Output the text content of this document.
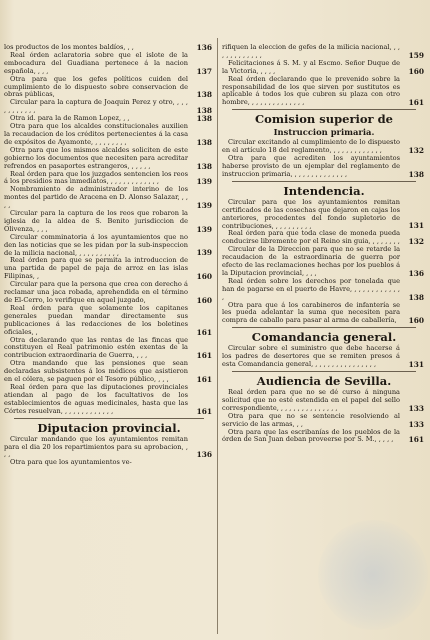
los productos de los montes baldíos, , ,	136

Real órden aclaratoria sobre que el islote de la embocadura del Guadiana pertenece á la nacion española, , , ,	137

Otra para que los gefes políticos cuiden del cumplimiento de lo dispuesto sobre conservacion de obras públicas,	138

Circular para la captura de Joaquin Perez y otro, , , , , , , , , , , ,	138

Otra id. para la de Ramon Lopez, , ,	138

Otra para que los alcaldes constitucionales auxilien la recaudacion de los créditos pertenecientes á la casa de expósitos de Ayamonte, , , , , , , , ,	138

Otra para que los mismos alcaldes soliciten de este gobierno los documentos que necesiten para acreditar refrendos en pasaportes estrangeros, , , , , ,	138

Real órden para que los juzgados sentencien los reos á los presidios mas inmediatos, , , , , , , , , , , , ,	139

Nombramiento de administrador interino de los montes del partido de Aracena en D. Alonso Salazar, , , , ,	139

Circular para la captura de los reos que robaron la iglesia de la aldea de S. Benito jurisdiccion de Olivenza, , , ,	139

Circular comminatoria á los ayuntamientos que no den las noticias que se les pidan por la sub-inspeccion de la milicia nacional, , , , , , , , , , ,	139

Real órden para que se permita la introduccion de una partida de papel de paja de arroz en las islas Filipinas, ,	160

Circular para que la persona que crea con derecho á reclamar una jaca robada, aprehendida en el término de El-Cerro, lo verifique en aquel juzgado,	160

Real órden para que solamente los capitanes generales puedan mandar directamente sus publicaciones á las redacciones de los boletines oficiales, ,	161

Otra declarando que las rentas de las fincas que constituyen el Real patrimonio estén exentas de la contribucion extraordinaria de Guerra, , , ,	161

Otra mandando que las pensiones que sean declaradas subsistentes á los médicos que asistieron en el cólera, se paguen por el Tesoro público, , , ,	161

Real órden para que las diputaciones provinciales atiendan al pago de los facultativos de los establecimientos de aguas medicinales, hasta que las Córtes resuelvan, , , , , , , , , , , , ,	161

Diputacion provincial.

Circular mandando que los ayuntamientos remitan para el dia 20 los repartimientos para su aprobacion, , , ,	136

Otra para que los ayuntamientos ve-

rifiquen la eleccion de gefes de la milicia nacional, , , , , , , , , , , , ,	159

Felicitaciones á S. M. y al Escmo. Señor Duque de la Victoria, , , , ,	160

Real órden declarando que le prevenido sobre la responsabilidad de los que sirven por sustitutos es aplicable á todos los que cubren su plaza con otro hombre, , , , , , , , , , , , , ,	161

Comision superior de
Instruccion primaria.

Circular excitando al cumplimiento de lo dispuesto en el artículo 18 del reglamento, , , , , , , , , , , , ,	132

Otra para que acrediten los ayuntamientos haberse provisto de un ejemplar del reglamento de instruccion primaria, , , , , , , , , , , , , ,	138

Intendencia.

Circular para que los ayuntamientos remitan certificados de las cosechas que dejaron en cajas los anteriores, procedentes del fondo supletorio de contribuciones, , , , , , , , , ,	131

Real órden para que toda clase de moneda pueda conducirse libremente por el Reino sin guia, , , , , , , , 132

Circular de la Direccion para que no se retarde la recaudacion de la estraordinaria de guerra por efecto de las reclamaciones hechas por los pueblos á la Diputacion provincial, , , ,	136

Real órden sobre los derechos por tonelada que han de pagarse en el puerto de Havre, , , , , , , , , , , , ,	138

Otra para que á los carabineros de infantería se les pueda adelantar la suma que necesiten para compra de caballo para pasar al arma de caballería, 160

Comandancia general.

Circular sobre el suministro que debe hacerse á los padres de desertores que se remiten presos á esta Comandancia general, , , , , , , , , , , , , , , ,	131

Audiencia de Sevilla.

Real órden para que no se dé curso á ninguna solicitud que no esté estendida en el papel del sello correspondiente, , , , , , , , , , , , , , ,	133

Otra para que no se sentencie resolviendo al servicio de las armas, , ,	133

Otra para que las escribanías de los pueblos de la órden de San Juan deban proveerse por S. M., , , , , 161
